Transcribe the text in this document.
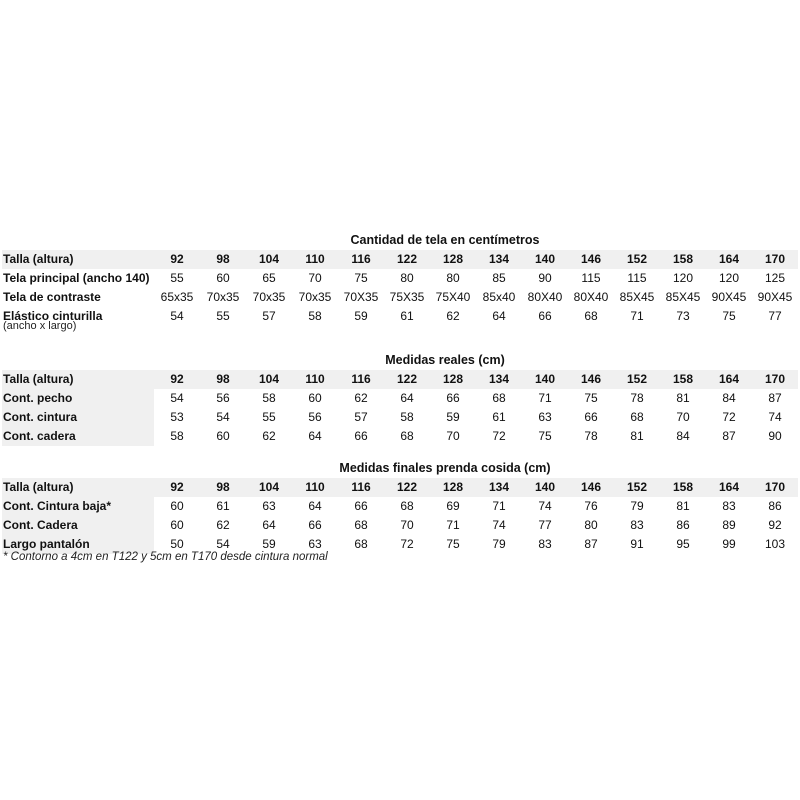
Cantidad de tela en centímetros
Talla (altura)	92	98	104	110	116	122	128	134	140	146	152	158	164	170
Tela principal (ancho 140)	55	60	65	70	75	80	80	85	90	115	115	120	120	125
Tela de contraste	65x35	70x35	70x35	70x35	70X35	75X35	75X40	85x40	80X40	80X40	85X45	85X45	90X45	90X45
Elástico cinturilla	54	55	57	58	59	61	62	64	66	68	71	73	75	77
(ancho x largo)
Medidas reales (cm)
Talla (altura)	92	98	104	110	116	122	128	134	140	146	152	158	164	170
Cont. pecho	54	56	58	60	62	64	66	68	71	75	78	81	84	87
Cont. cintura	53	54	55	56	57	58	59	61	63	66	68	70	72	74
Cont. cadera	58	60	62	64	66	68	70	72	75	78	81	84	87	90
Medidas finales prenda cosida (cm)
Talla (altura)	92	98	104	110	116	122	128	134	140	146	152	158	164	170
Cont. Cintura baja*	60	61	63	64	66	68	69	71	74	76	79	81	83	86
Cont. Cadera	60	62	64	66	68	70	71	74	77	80	83	86	89	92
Largo pantalón	50	54	59	63	68	72	75	79	83	87	91	95	99	103
* Contorno a 4cm en T122 y 5cm en T170 desde cintura normal
